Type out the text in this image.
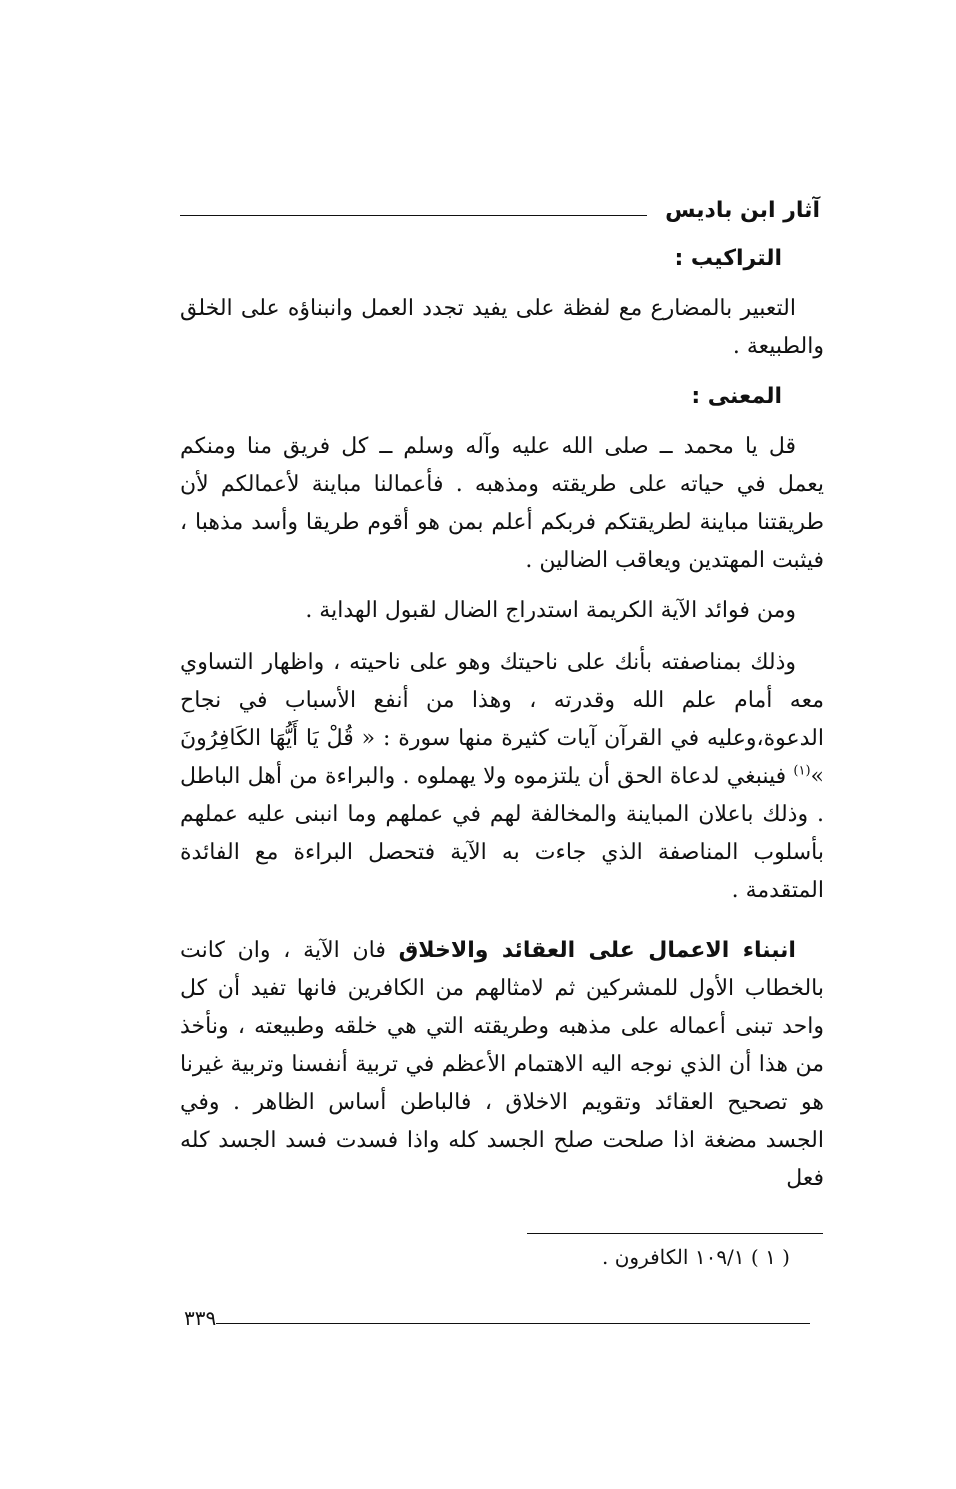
آثار ابن باديس
التراكيب :

التعبير بالمضارع مع لفظة على يفيد تجدد العمل وانبناؤه على الخلق والطبيعة .

المعنى :

قل يا محمد ــ صلى الله عليه وآله وسلم ــ كل فريق منا ومنكم يعمل في حياته على طريقته ومذهبه . فأعمالنا مباينة لأعمالكم لأن طريقتنا مباينة لطريقتكم فربكم أعلم بمن هو أقوم طريقا وأسد مذهبا ، فيثبت المهتدين ويعاقب الضالين .

ومن فوائد الآية الكريمة استدراج الضال لقبول الهداية .

وذلك بمناصفته بأنك على ناحيتك وهو على ناحيته ، واظهار التساوي معه أمام علم الله وقدرته ، وهذا من أنفع الأسباب في نجاح الدعوة،وعليه في القرآن آيات كثيرة منها سورة : « قُلْ يَا أَيُّهَا الكَافِرُونَ »$^{(١)}$ فينبغي لدعاة الحق أن يلتزموه ولا يهملوه . والبراءة من أهل الباطل . وذلك باعلان المباينة والمخالفة لهم في عملهم وما انبنى عليه عملهم بأسلوب المناصفة الذي جاءت به الآية فتحصل البراءة مع الفائدة المتقدمة .

انبناء الاعمال على العقائد والاخلاق فان الآية ، وان كانت بالخطاب الأول للمشركين ثم لامثالهم من الكافرين فانها تفيد أن كل واحد تبنى أعماله على مذهبه وطريقته التي هي خلقه وطبيعته ، ونأخذ من هذا أن الذي نوجه اليه الاهتمام الأعظم في تربية أنفسنا وتربية غيرنا هو تصحيح العقائد وتقويم الاخلاق ، فالباطن أساس الظاهر . وفي الجسد مضغة اذا صلحت صلح الجسد كله واذا فسدت فسد الجسد كله فعل

( ١ ) ١٠٩/١ الكافرون .
٣٣٩
